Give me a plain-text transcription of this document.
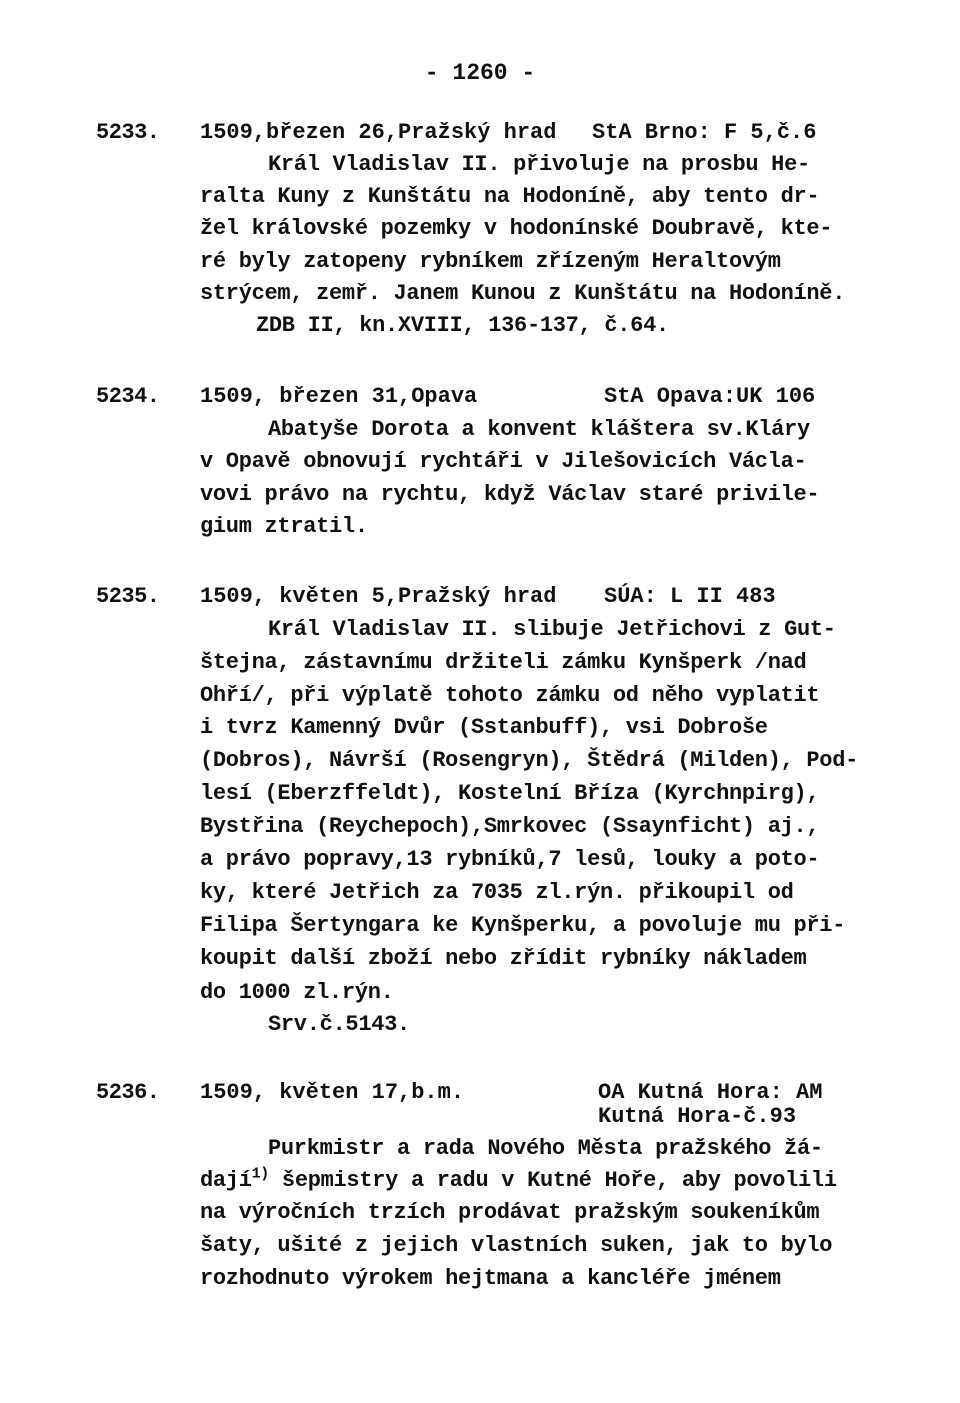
- 1260 -
5233. 1509,březen 26,Pražský hrad StA Brno: F 5,č.6
Král Vladislav II. přivoluje na prosbu He-
ralta Kuny z Kunštátu na Hodoníně, aby tento dr-
žel královské pozemky v hodonínské Doubravě, kte-
ré byly zatopeny rybníkem zřízeným Heraltovým
strýcem, zemř. Janem Kunou z Kunštátu na Hodoníně.
ZDB II, kn.XVIII, 136-137, č.64.
5234. 1509, březen 31,Opava	StA Opava:UK 106
Abatyše Dorota a konvent kláštera sv.Kláry
v Opavě obnovují rychtáři v Jilešovicích Václa-
vovi právo na rychtu, když Václav staré privile-
gium ztratil.
5235. 1509, květen 5,Pražský hrad SÚA: L II 483
Král Vladislav II. slibuje Jetřichovi z Gut-
štejna, zástavnímu držiteli zámku Kynšperk /nad
Ohří/, při výplatě tohoto zámku od něho vyplatit
i tvrz Kamenný Dvůr (Sstanbuff), vsi Dobroše
(Dobros), Návrší (Rosengryn), Štědrá (Milden), Pod-
lesí (Eberzffeldt), Kostelní Bříza (Kyrchnpirg),
Bystřina (Reychepoch),Smrkovec (Ssaynficht) aj.,
a právo popravy,13 rybníků,7 lesů, louky a poto-
ky, které Jetřich za 7035 zl.rýn. přikoupil od
Filipa Šertyngara ke Kynšperku, a povoluje mu při-
koupit další zboží nebo zřídit rybníky nákladem
do 1000 zl.rýn.
Srv.č.5143.
5236. 1509, květen 17,b.m.	OA Kutná Hora: AM
Kutná Hora-č.93
Purkmistr a rada Nového Města pražského žá-
dají$^{1)}$ šepmistry a radu v Kutné Hoře, aby povolili
na výročních trzích prodávat pražským soukeníkům
šaty, ušité z jejich vlastních suken, jak to bylo
rozhodnuto výrokem hejtmana a kancléře jménem
